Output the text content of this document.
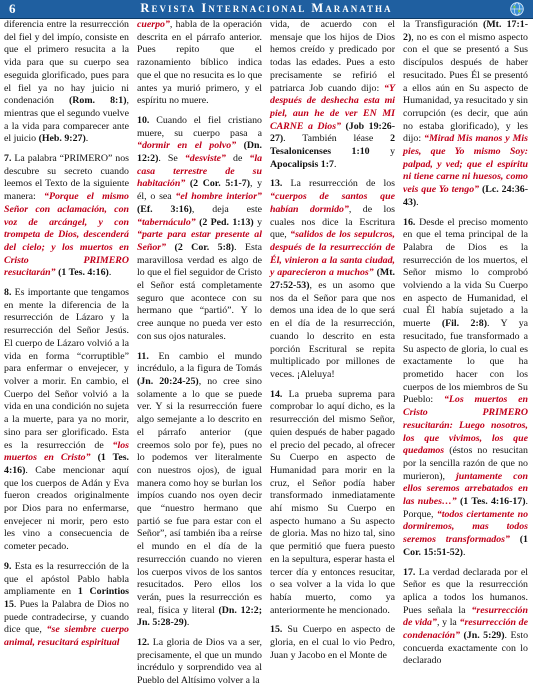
6	Revista Internacional Maranatha

diferencia entre la resurrección del fiel y del impío, consiste en que el primero resucita a la vida para que su cuerpo sea eseguida glorificado, pues para el fiel ya no hay juicio ni condenación (Rom. 8:1), mientras que el segundo vuelve a la vida para comparecer ante el juicio (Heb. 9:27).

7. La palabra “PRIMERO” nos descubre su secreto cuando leemos el Texto de la siguiente manera: “Porque el mismo Señor con aclamación, con voz de arcángel, y con trompeta de Dios, descenderá del cielo; y los muertos en Cristo PRIMERO resucitarán” (1 Tes. 4:16).

8. Es importante que tengamos en mente la diferencia de la resurrección de Lázaro y la resurrección del Señor Jesús. El cuerpo de Lázaro volvió a la vida en forma “corruptible” para enfermar o envejecer, y volver a morir. En cambio, el Cuerpo del Señor volvió a la vida en una condición no sujeta a la muerte, para ya no morir, sino para ser glorificado. Esta es la resurrección de “los muertos en Cristo” (1 Tes. 4:16). Cabe mencionar aquí que los cuerpos de Adán y Eva fueron creados originalmente por Dios para no enfermarse, envejecer ni morir, pero esto les vino a consecuencia de cometer pecado.

9. Esta es la resurrección de la que el apóstol Pablo habla ampliamente en 1 Corintios 15. Pues la Palabra de Dios no puede contradecirse, y cuando dice que, “se siembre cuerpo animal, resucitará espiritual

cuerpo”, habla de la operación descrita en el párrafo anterior. Pues repito que el razonamiento bíblico indica que el que no resucita es lo que antes ya murió primero, y el espíritu no muere.

10. Cuando el fiel cristiano muere, su cuerpo pasa a “dormir en el polvo” (Dn. 12:2). Se “desviste” de “la casa terrestre de su habitación” (2 Cor. 5:1-7), y él, o sea “el hombre interior” (Ef. 3:16), deja este “tabernáculo” (2 Ped. 1:13) y “parte para estar presente al Señor” (2 Cor. 5:8). Esta maravillosa verdad es algo de lo que el fiel seguidor de Cristo el Señor está completamente seguro que acontece con su hermano que “partió”. Y lo cree aunque no pueda ver esto con sus ojos naturales.

11. En cambio el mundo incrédulo, a la figura de Tomás (Jn. 20:24-25), no cree sino solamente a lo que se puede ver. Y si la resurrección fuere algo semejante a lo descrito en el párrafo anterior (que creemos solo por fe), pues no lo podemos ver literalmente con nuestros ojos), de igual manera como hoy se burlan los impíos cuando nos oyen decir que “nuestro hermano que partió se fue para estar con el Señor”, así también iba a reírse el mundo en el día de la resurrección cuando no vieren los cuerpos vivos de los santos resucitados. Pero ellos los verán, pues la resurrección es real, física y literal (Dn. 12:2; Jn. 5:28-29).

12. La gloria de Dios va a ser, precisamente, el que un mundo incrédulo y sorprendido vea al Pueblo del Altísimo volver a la

vida, de acuerdo con el mensaje que los hijos de Dios hemos creído y predicado por todas las edades. Pues a esto precisamente se refirió el patriarca Job cuando dijo: “Y después de deshecha esta mi piel, aun he de ver EN MI CARNE a Dios” (Job 19:26-27). También léase 2 Tesalonicenses 1:10 y Apocalipsis 1:7.

13. La resurrección de los “cuerpos de santos que habían dormido”, de los cuales nos dice la Escritura que, “salidos de los sepulcros, después de la resurrección de Él, vinieron a la santa ciudad, y aparecieron a muchos” (Mt. 27:52-53), es un asomo que nos da el Señor para que nos demos una idea de lo que será en el día de la resurrección, cuando lo descrito en esta porción Escritural se repita multiplicado por millones de veces. ¡Aleluya!

14. La prueba suprema para comprobar lo aquí dicho, es la resurrección del mismo Señor, quien después de haber pagado el precio del pecado, al ofrecer Su Cuerpo en aspecto de Humanidad para morir en la cruz, el Señor podía haber transformado inmediatamente ahí mismo Su Cuerpo en aspecto humano a Su aspecto de gloria. Mas no hizo tal, sino que permitió que fuera puesto en la sepultura, esperar hasta el tercer día y entonces resucitar, o sea volver a la vida lo que había muerto, como ya anteriormente he mencionado.

15. Su Cuerpo en aspecto de gloria, en el cual lo vio Pedro, Juan y Jacobo en el Monte de

la Transfiguración (Mt. 17:1-2), no es con el mismo aspecto con el que se presentó a Sus discípulos después de haber resucitado. Pues Él se presentó a ellos aún en Su aspecto de Humanidad, ya resucitado y sin corrupción (es decir, que aún no estaba glorificado), y les dijo: “Mirad Mis manos y Mis pies, que Yo mismo Soy: palpad, y ved; que el espíritu ni tiene carne ni huesos, como veis que Yo tengo” (Lc. 24:36-43).

16. Desde el preciso momento en que el tema principal de la Palabra de Dios es la resurrección de los muertos, el Señor mismo lo comprobó volviendo a la vida Su Cuerpo en aspecto de Humanidad, el cual Él había sujetado a la muerte (Fil. 2:8). Y ya resucitado, fue transformado a Su aspecto de gloria, lo cual es exactamente lo que ha prometido hacer con los cuerpos de los miembros de Su Pueblo: “Los muertos en Cristo PRIMERO resucitarán: Luego nosotros, los que vivimos, los que quedamos (éstos no resucitan por la sencilla razón de que no murieron), juntamente con ellos seremos arrebatados en las nubes…” (1 Tes. 4:16-17). Porque, “todos ciertamente no dormiremos, mas todos seremos transformados” (1 Cor. 15:51-52).

17. La verdad declarada por el Señor es que la resurrección aplica a todos los humanos. Pues señala la “resurrección de vida”, y la “resurrección de condenación” (Jn. 5:29). Esto concuerda exactamente con lo declarado
